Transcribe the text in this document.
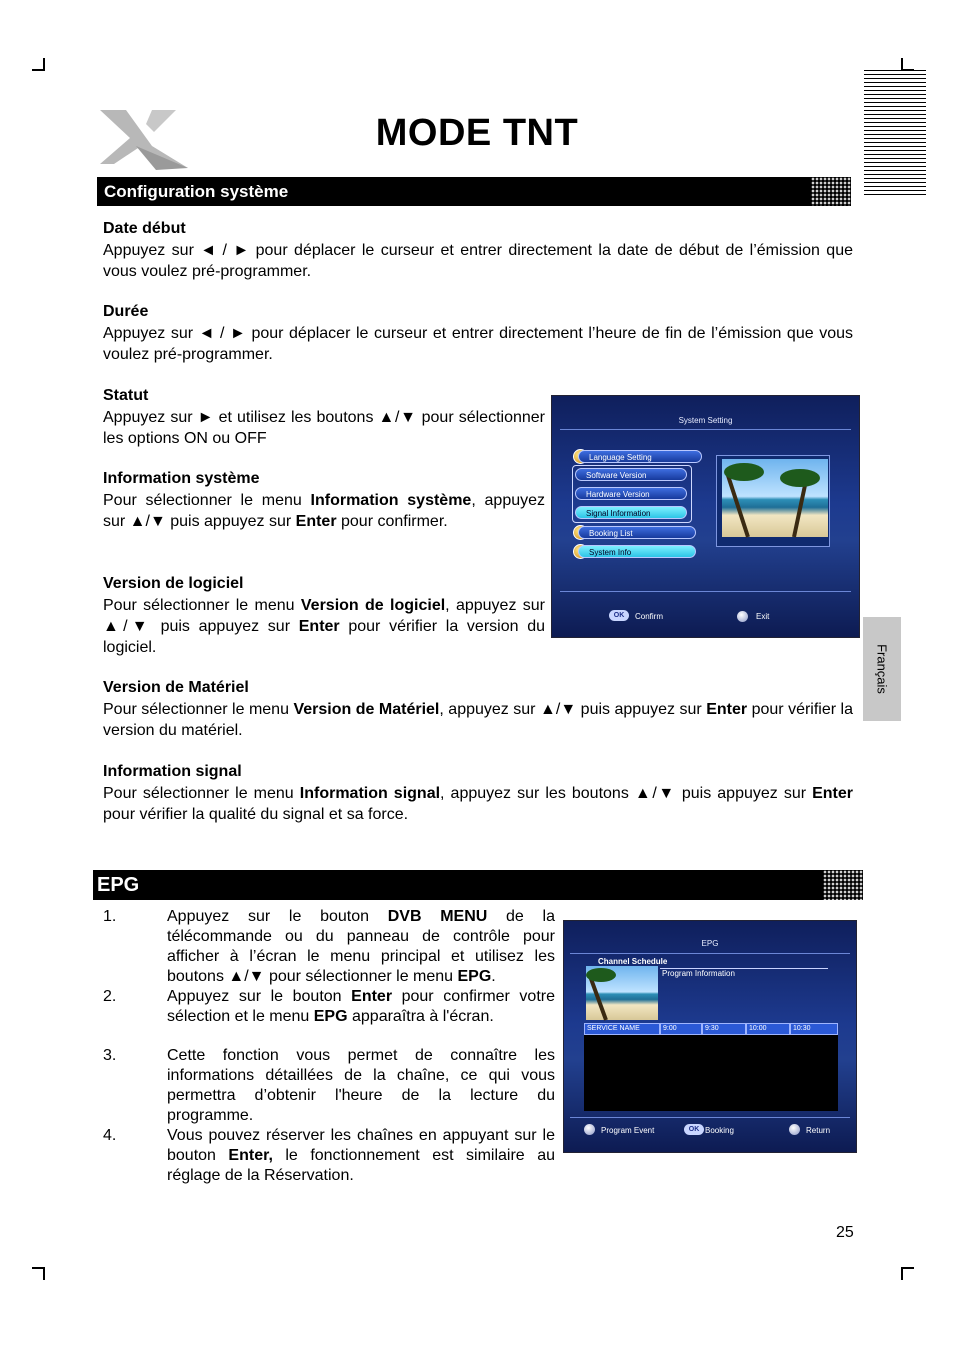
MODE TNT
Configuration système
Date début

Appuyez sur ◄ / ► pour déplacer le curseur et entrer directement la date de début de l’émission que vous voulez pré-programmer.

Durée

Appuyez sur ◄ / ► pour déplacer le curseur et entrer directement l’heure de fin de l’émission que vous voulez pré-programmer.

Statut

Appuyez sur ► et utilisez les boutons ▲/▼ pour sélectionner les options ON ou OFF

Information système

Pour sélectionner le menu Information système, appuyez sur ▲/▼ puis appuyez sur Enter pour confirmer.

Version de logiciel

Pour sélectionner le menu Version de logiciel, appuyez sur ▲/▼ puis appuyez sur Enter pour vérifier la version du logiciel.

Version de Matériel

Pour sélectionner le menu Version de Matériel, appuyez sur ▲/▼ puis appuyez sur Enter pour vérifier la version du matériel.

Information signal

Pour sélectionner le menu Information signal, appuyez sur les boutons ▲/▼ puis appuyez sur Enter pour vérifier la qualité du signal et sa force.

System Setting
Language Setting
Software Version
Hardware Version
Signal Information
Booking List
System Info
OK	Confirm	Exit
EPG
1.	Appuyez sur le bouton DVB MENU de la télécommande ou du panneau de contrôle pour afficher à l’écran le menu principal et utilisez les boutons ▲/▼ pour sélectionner le menu EPG.

2.	Appuyez sur le bouton Enter pour confirmer votre sélection et le menu EPG apparaîtra à l'écran.

3.	Cette fonction vous permet de connaître les informations détaillées de la chaîne, ce qui vous permettra d’obtenir l'heure de la lecture du programme.

4.	Vous pouvez réserver les chaînes en appuyant sur le bouton Enter, le fonctionnement est similaire au réglage de la Réservation.

EPG
Channel Schedule
Program Information
SERVICE NAME	9:00	9:30	10:00	10:30
Program Event	OK Booking	Return
Français
25
